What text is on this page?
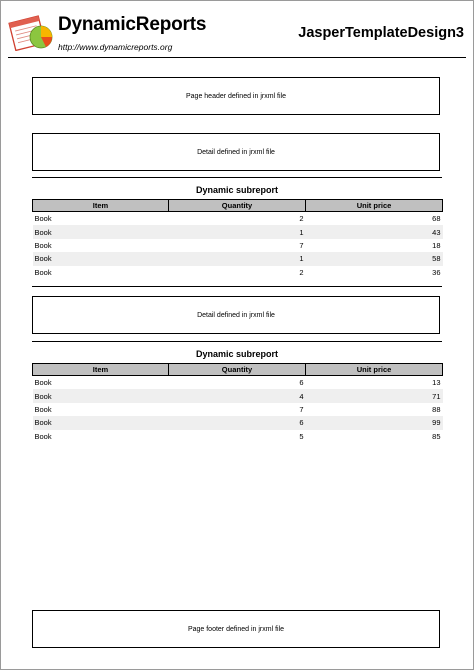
DynamicReports
http://www.dynamicreports.org
JasperTemplateDesign3
Page header defined in jrxml file
Detail defined in jrxml file
Dynamic subreport
Item	Quantity	Unit price
Book	2	68
Book	1	43
Book	7	18
Book	1	58
Book	2	36
Detail defined in jrxml file
Dynamic subreport
Item	Quantity	Unit price
Book	6	13
Book	4	71
Book	7	88
Book	6	99
Book	5	85
Page footer defined in jrxml file
